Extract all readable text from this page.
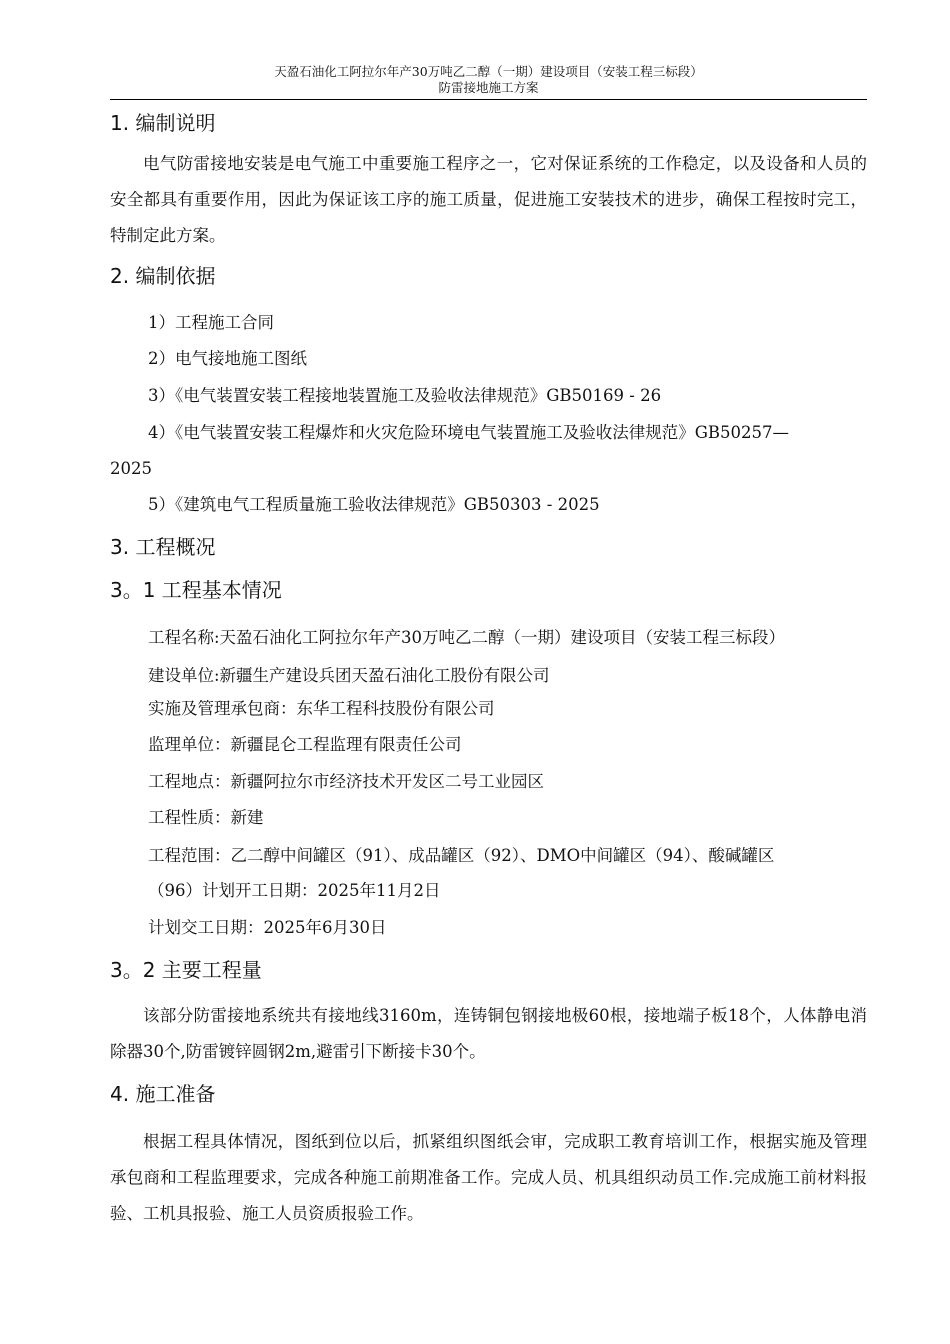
天盈石油化工阿拉尔年产30万吨乙二醇（一期）建设项目（安装工程三标段）
防雷接地施工方案
1. 编制说明

电气防雷接地安装是电气施工中重要施工程序之一，它对保证系统的工作稳定，以及设备和人员的安全都具有重要作用，因此为保证该工序的施工质量，促进施工安装技术的进步，确保工程按时完工，特制定此方案。

2. 编制依据
1）工程施工合同
2）电气接地施工图纸
3）《电气装置安装工程接地装置施工及验收法律规范》GB50169 - 26
4）《电气装置安装工程爆炸和火灾危险环境电气装置施工及验收法律规范》GB50257—
2025
5）《建筑电气工程质量施工验收法律规范》GB50303 - 2025
3. 工程概况
3。1 工程基本情况
工程名称:天盈石油化工阿拉尔年产30万吨乙二醇（一期）建设项目（安装工程三标段）
建设单位:新疆生产建设兵团天盈石油化工股份有限公司
实施及管理承包商：东华工程科技股份有限公司
监理单位：新疆昆仑工程监理有限责任公司
工程地点：新疆阿拉尔市经济技术开发区二号工业园区
工程性质：新建
工程范围：乙二醇中间罐区（91）、成品罐区（92）、DMO中间罐区（94）、酸碱罐区
（96）计划开工日期：2025年11月2日
计划交工日期：2025年6月30日
3。2 主要工程量

该部分防雷接地系统共有接地线3160m，连铸铜包钢接地极60根，接地端子板18个，人体静电消除器30个,防雷镀锌圆钢2m,避雷引下断接卡30个。

4. 施工准备

根据工程具体情况，图纸到位以后，抓紧组织图纸会审，完成职工教育培训工作，根据实施及管理承包商和工程监理要求，完成各种施工前期准备工作。完成人员、机具组织动员工作.完成施工前材料报验、工机具报验、施工人员资质报验工作。
